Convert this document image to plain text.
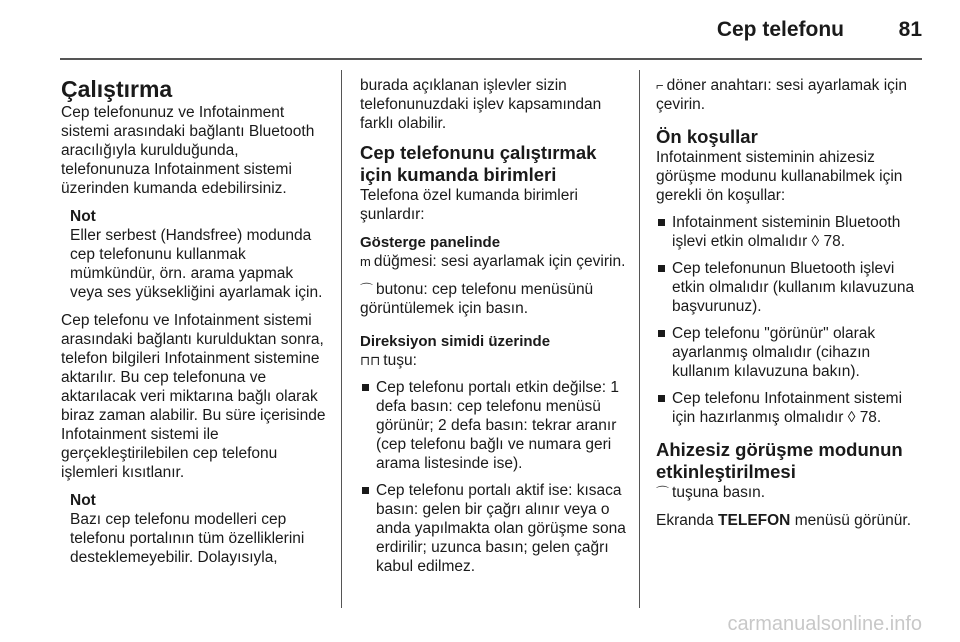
Cep telefonu	81
Çalıştırma

Cep telefonunuz ve Infotainment sistemi arasındaki bağlantı Bluetooth aracılığıyla kurulduğunda, telefonunuza Infotainment sistemi üzerinden kumanda edebilirsiniz.

Not

Eller serbest (Handsfree) modunda cep telefonunu kullanmak mümkündür, örn. arama yapmak veya ses yüksekliğini ayarlamak için.

Cep telefonu ve Infotainment sistemi arasındaki bağlantı kurulduktan sonra, telefon bilgileri Infotainment sistemine aktarılır. Bu cep telefonuna ve aktarılacak veri miktarına bağlı olarak biraz zaman alabilir. Bu süre içerisinde Infotainment sistemi ile gerçekleştirilebilen cep telefonu işlemleri kısıtlanır.

Not

Bazı cep telefonu modelleri cep telefonu portalının tüm özelliklerini desteklemeyebilir. Dolayısıyla,

burada açıklanan işlevler sizin telefonunuzdaki işlev kapsamından farklı olabilir.

Cep telefonunu çalıştırmak için kumanda birimleri

Telefona özel kumanda birimleri şunlardır:

Gösterge panelinde

m düğmesi: sesi ayarlamak için çevirin.

⌒ butonu: cep telefonu menüsünü görüntülemek için basın.

Direksiyon simidi üzerinde

⊓⊓ tuşu:

Cep telefonu portalı etkin değilse: 1 defa basın: cep telefonu menüsü görünür; 2 defa basın: tekrar aranır (cep telefonu bağlı ve numara geri arama listesinde ise).
Cep telefonu portalı aktif ise: kısaca basın: gelen bir çağrı alınır veya o anda yapılmakta olan görüşme sona erdirilir; uzunca basın; gelen çağrı kabul edilmez.

⌐ döner anahtarı: sesi ayarlamak için çevirin.

Ön koşullar

Infotainment sisteminin ahizesiz görüşme modunu kullanabilmek için gerekli ön koşullar:

Infotainment sisteminin Bluetooth işlevi etkin olmalıdır ◊ 78.
Cep telefonunun Bluetooth işlevi etkin olmalıdır (kullanım kılavuzuna başvurunuz).
Cep telefonu "görünür" olarak ayarlanmış olmalıdır (cihazın kullanım kılavuzuna bakın).
Cep telefonu Infotainment sistemi için hazırlanmış olmalıdır ◊ 78.
Ahizesiz görüşme modunun etkinleştirilmesi

⌒ tuşuna basın.

Ekranda TELEFON menüsü görünür.

carmanualsonline.info
